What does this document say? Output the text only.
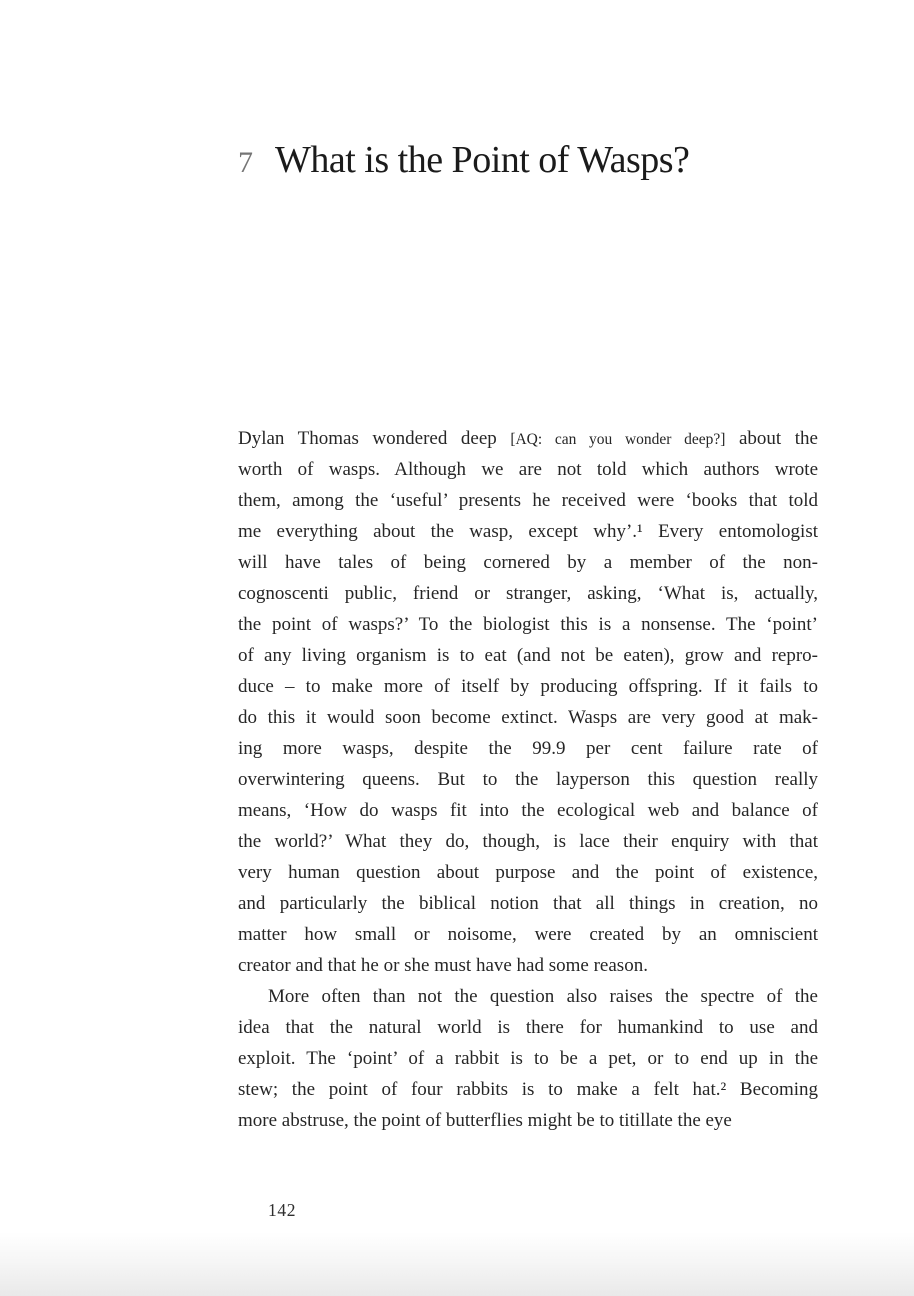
7 What is the Point of Wasps?
Dylan Thomas wondered deep [AQ: can you wonder deep?] about the
worth of wasps. Although we are not told which authors wrote
them, among the ‘useful’ presents he received were ‘books that told
me everything about the wasp, except why’.¹ Every entomologist
will have tales of being cornered by a member of the non-
cognoscenti public, friend or stranger, asking, ‘What is, actually,
the point of wasps?’ To the biologist this is a nonsense. The ‘point’
of any living organism is to eat (and not be eaten), grow and repro-
duce – to make more of itself by producing offspring. If it fails to
do this it would soon become extinct. Wasps are very good at mak-
ing more wasps, despite the 99.9 per cent failure rate of
overwintering queens. But to the layperson this question really
means, ‘How do wasps fit into the ecological web and balance of
the world?’ What they do, though, is lace their enquiry with that
very human question about purpose and the point of existence,
and particularly the biblical notion that all things in creation, no
matter how small or noisome, were created by an omniscient
creator and that he or she must have had some reason.
More often than not the question also raises the spectre of the
idea that the natural world is there for humankind to use and
exploit. The ‘point’ of a rabbit is to be a pet, or to end up in the
stew; the point of four rabbits is to make a felt hat.² Becoming
more abstruse, the point of butterflies might be to titillate the eye
142
